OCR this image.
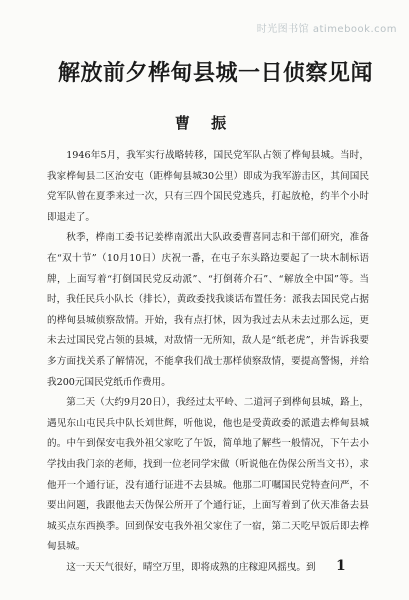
时光图书馆 atimebook.com
解放前夕桦甸县城一日侦察见闻
曹 振

1946年5月，我军实行战略转移，国民党军队占领了桦甸县城。当时，我家桦甸县二区治安屯（距桦甸县城30公里）即成为我军游击区，其间国民党军队曾在夏季来过一次，只有三四个国民党逃兵，打起放枪，约半个小时即退走了。

秋季，桦南工委书记姜桦南派出大队政委曹喜同志和干部们研究，准备在“双十节”（10月10日）庆祝一番，在屯子东头路边要起了一块木制标语牌，上面写着“打倒国民党反动派”、“打倒蒋介石”、“解放全中国”等。当时，我任民兵小队长（排长），黄政委找我谈话布置任务：派我去国民党占据的桦甸县城侦察敌情。开始，我有点打怵，因为我过去从未去过那么远，更未去过国民党占领的县城，对敌情一无所知，敌人是“纸老虎”，并告诉我要多方面找关系了解情况，不能拿我们战士那样侦察敌情，要提高警惕，并给我200元国民党纸币作费用。

第二天（大约9月20日），我经过太平岭、二道河子到桦甸县城，路上，遇见东山屯民兵中队长刘世辉，听他说，他也是受黄政委的派遣去桦甸县城的。中午到保安屯我外祖父家吃了午饭，简单地了解些一般情况，下午去小学找由我门亲的老师，找到一位老同学宋做（听说他在伪保公所当文书），求他开一个通行证，没有通行证进不去县城。他那二叮嘱国民党特查问严，不要出问题，我跟他去天伪保公所开了个通行证，上面写着到了伙天准备去县城买点东西换季。回到保安屯我外祖父家住了一宿，第二天吃早饭后即去桦甸县城。

这一天天气很好，晴空万里，即将成熟的庄稼迎风摇曳。到	1
